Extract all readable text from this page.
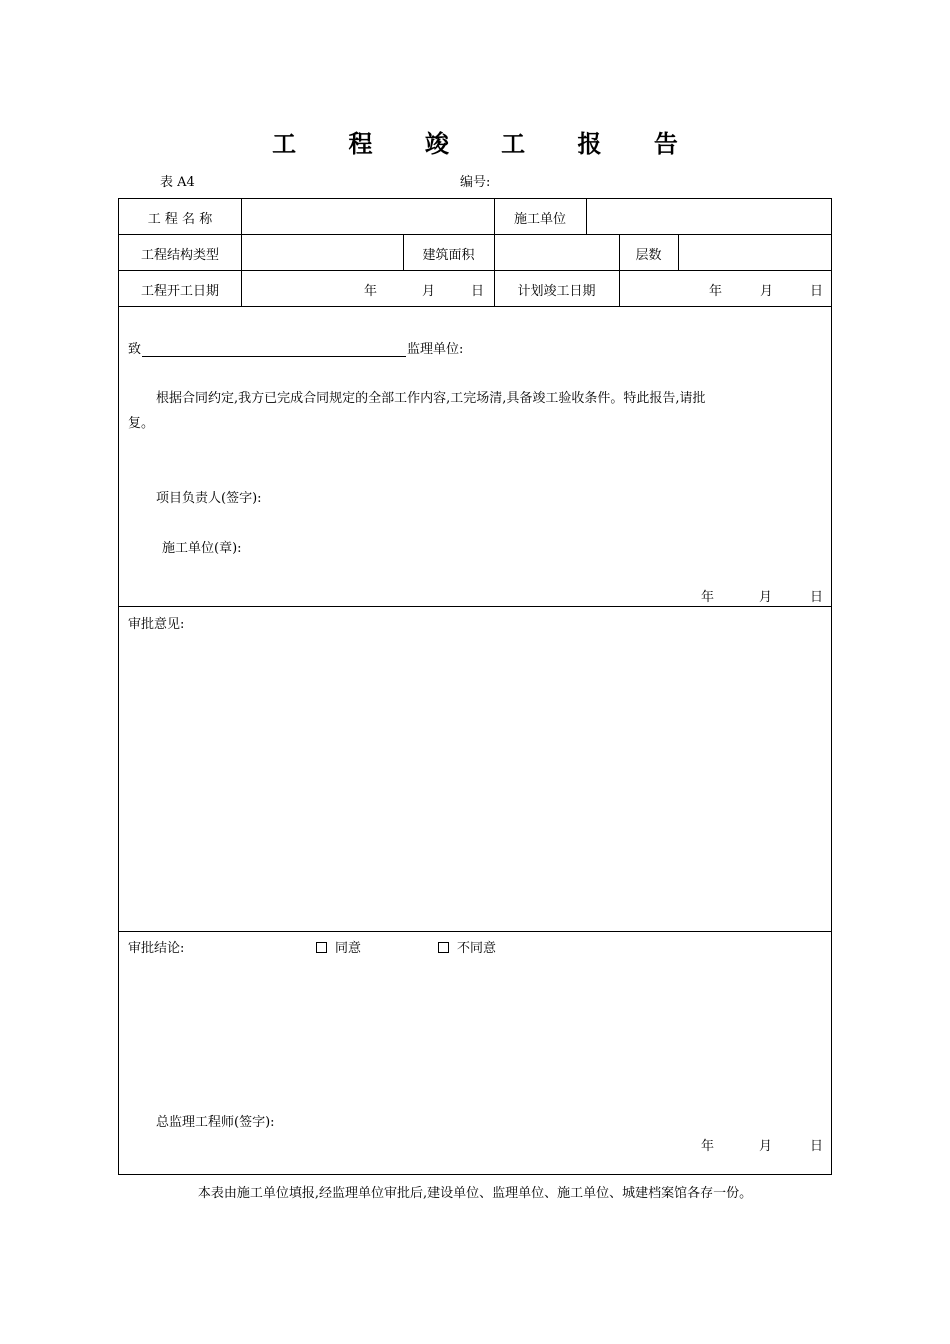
工 程 竣 工 报 告
表 A4	编号:
工 程 名 称	施工单位
工程结构类型	建筑面积	层数
工程开工日期	年	月	日	计划竣工日期	年	月	日
致	监理单位:
根据合同约定,我方已完成合同规定的全部工作内容,工完场清,具备竣工验收条件。特此报告,请批
复。
项目负责人(签字):
施工单位(章):
年	月	日
审批意见:
审批结论:	同意	不同意
总监理工程师(签字):
年	月	日
本表由施工单位填报,经监理单位审批后,建设单位、监理单位、施工单位、城建档案馆各存一份。
